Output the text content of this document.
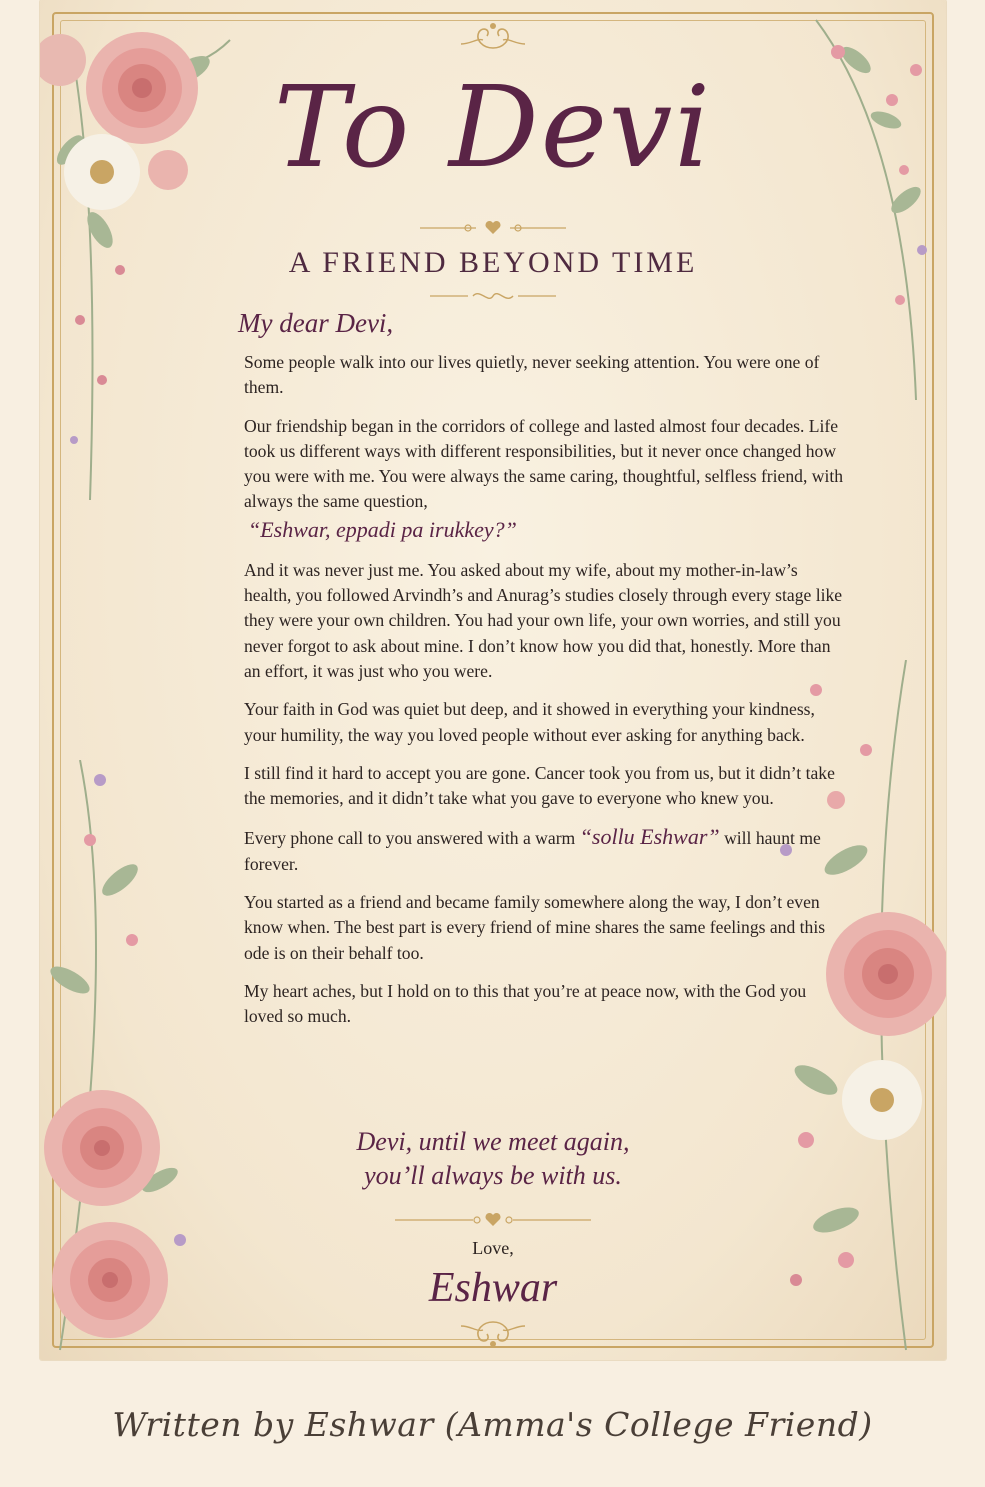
To Devi
A FRIEND BEYOND TIME
My dear Devi,

Some people walk into our lives quietly, never seeking attention. You were one of them.

Our friendship began in the corridors of college and lasted almost four decades. Life took us different ways with different responsibilities, but it never once changed how you were with me. You were always the same caring, thoughtful, selfless friend, with always the same question,

“Eshwar, eppadi pa irukkey?”

And it was never just me. You asked about my wife, about my mother-in-law’s health, you followed Arvindh’s and Anurag’s studies closely through every stage like they were your own children. You had your own life, your own worries, and still you never forgot to ask about mine. I don’t know how you did that, honestly. More than an effort, it was just who you were.

Your faith in God was quiet but deep, and it showed in everything your kindness, your humility, the way you loved people without ever asking for anything back.

I still find it hard to accept you are gone. Cancer took you from us, but it didn’t take the memories, and it didn’t take what you gave to everyone who knew you.

Every phone call to you answered with a warm “sollu Eshwar” will haunt me forever.

You started as a friend and became family somewhere along the way, I don’t even know when. The best part is every friend of mine shares the same feelings and this ode is on their behalf too.

My heart aches, but I hold on to this that you’re at peace now, with the God you loved so much.

Devi, until we meet again,
you’ll always be with us.
Love,
Eshwar
Written by Eshwar (Amma's College Friend)
